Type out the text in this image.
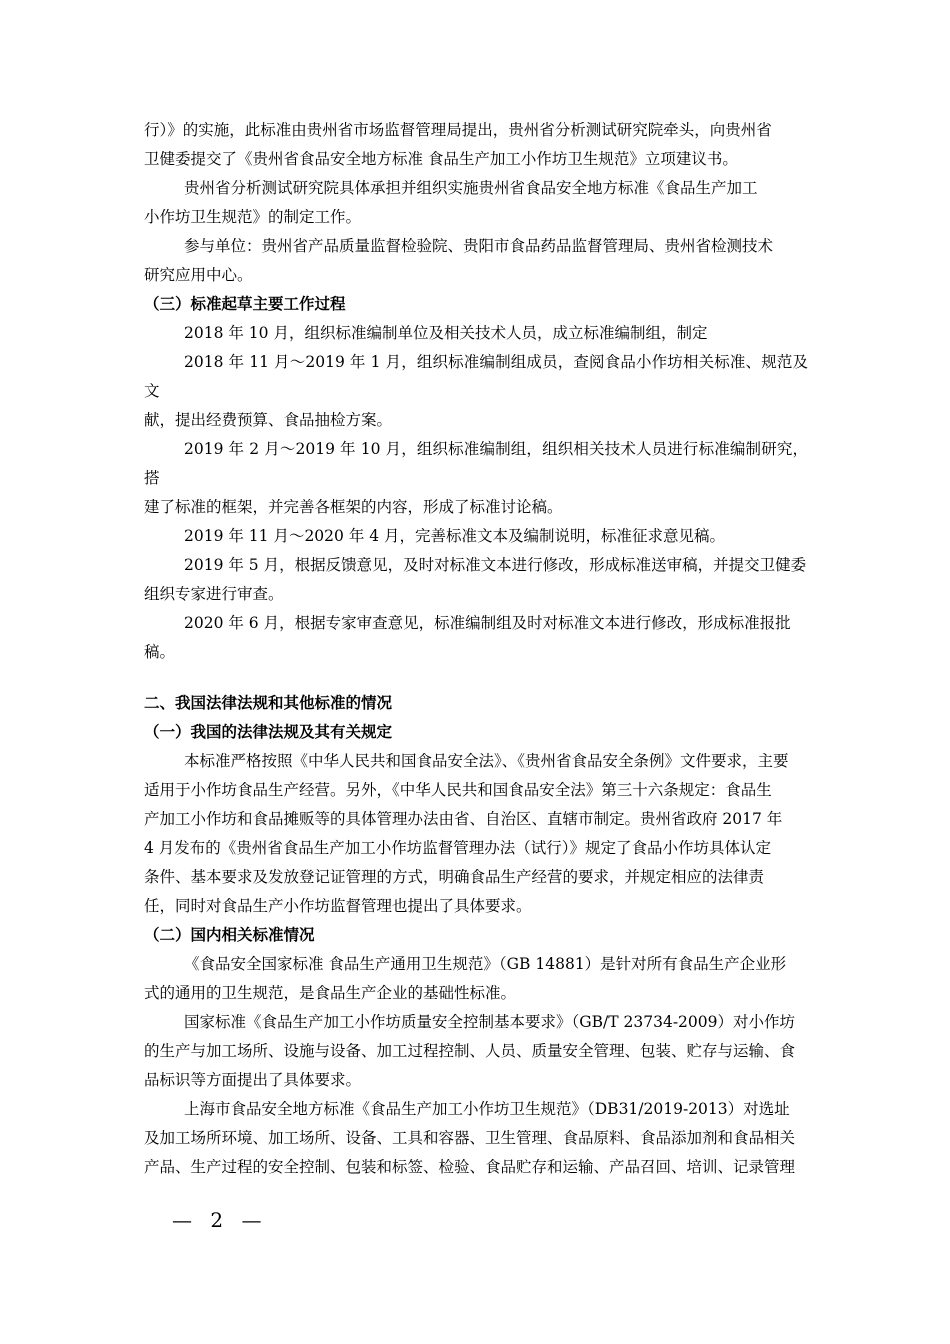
行）》的实施，此标准由贵州省市场监督管理局提出，贵州省分析测试研究院牵头，向贵州省

卫健委提交了《贵州省食品安全地方标准 食品生产加工小作坊卫生规范》立项建议书。

贵州省分析测试研究院具体承担并组织实施贵州省食品安全地方标准《食品生产加工

小作坊卫生规范》的制定工作。

参与单位：贵州省产品质量监督检验院、贵阳市食品药品监督管理局、贵州省检测技术

研究应用中心。

（三）标准起草主要工作过程

2018 年 10 月，组织标准编制单位及相关技术人员，成立标准编制组，制定

2018 年 11 月～2019 年 1 月，组织标准编制组成员，查阅食品小作坊相关标准、规范及文

献，提出经费预算、食品抽检方案。

2019 年 2 月～2019 年 10 月，组织标准编制组，组织相关技术人员进行标准编制研究，搭

建了标准的框架，并完善各框架的内容，形成了标准讨论稿。

2019 年 11 月～2020 年 4 月，完善标准文本及编制说明，标准征求意见稿。

2019 年 5 月，根据反馈意见，及时对标准文本进行修改，形成标准送审稿，并提交卫健委

组织专家进行审查。

2020 年 6 月，根据专家审查意见，标准编制组及时对标准文本进行修改，形成标准报批

稿。

二、我国法律法规和其他标准的情况

（一）我国的法律法规及其有关规定

本标准严格按照《中华人民共和国食品安全法》、《贵州省食品安全条例》文件要求，主要

适用于小作坊食品生产经营。另外，《中华人民共和国食品安全法》第三十六条规定：食品生

产加工小作坊和食品摊贩等的具体管理办法由省、自治区、直辖市制定。贵州省政府 2017 年

4 月发布的《贵州省食品生产加工小作坊监督管理办法（试行）》规定了食品小作坊具体认定

条件、基本要求及发放登记证管理的方式，明确食品生产经营的要求，并规定相应的法律责

任，同时对食品生产小作坊监督管理也提出了具体要求。

（二）国内相关标准情况

《食品安全国家标准 食品生产通用卫生规范》（GB 14881）是针对所有食品生产企业形

式的通用的卫生规范，是食品生产企业的基础性标准。

国家标准《食品生产加工小作坊质量安全控制基本要求》（GB/T 23734-2009）对小作坊

的生产与加工场所、设施与设备、加工过程控制、人员、质量安全管理、包装、贮存与运输、食

品标识等方面提出了具体要求。

上海市食品安全地方标准《食品生产加工小作坊卫生规范》（DB31/2019-2013）对选址

及加工场所环境、加工场所、设备、工具和容器、卫生管理、食品原料、食品添加剂和食品相关

产品、生产过程的安全控制、包装和标签、检验、食品贮存和运输、产品召回、培训、记录管理

— 2 —
